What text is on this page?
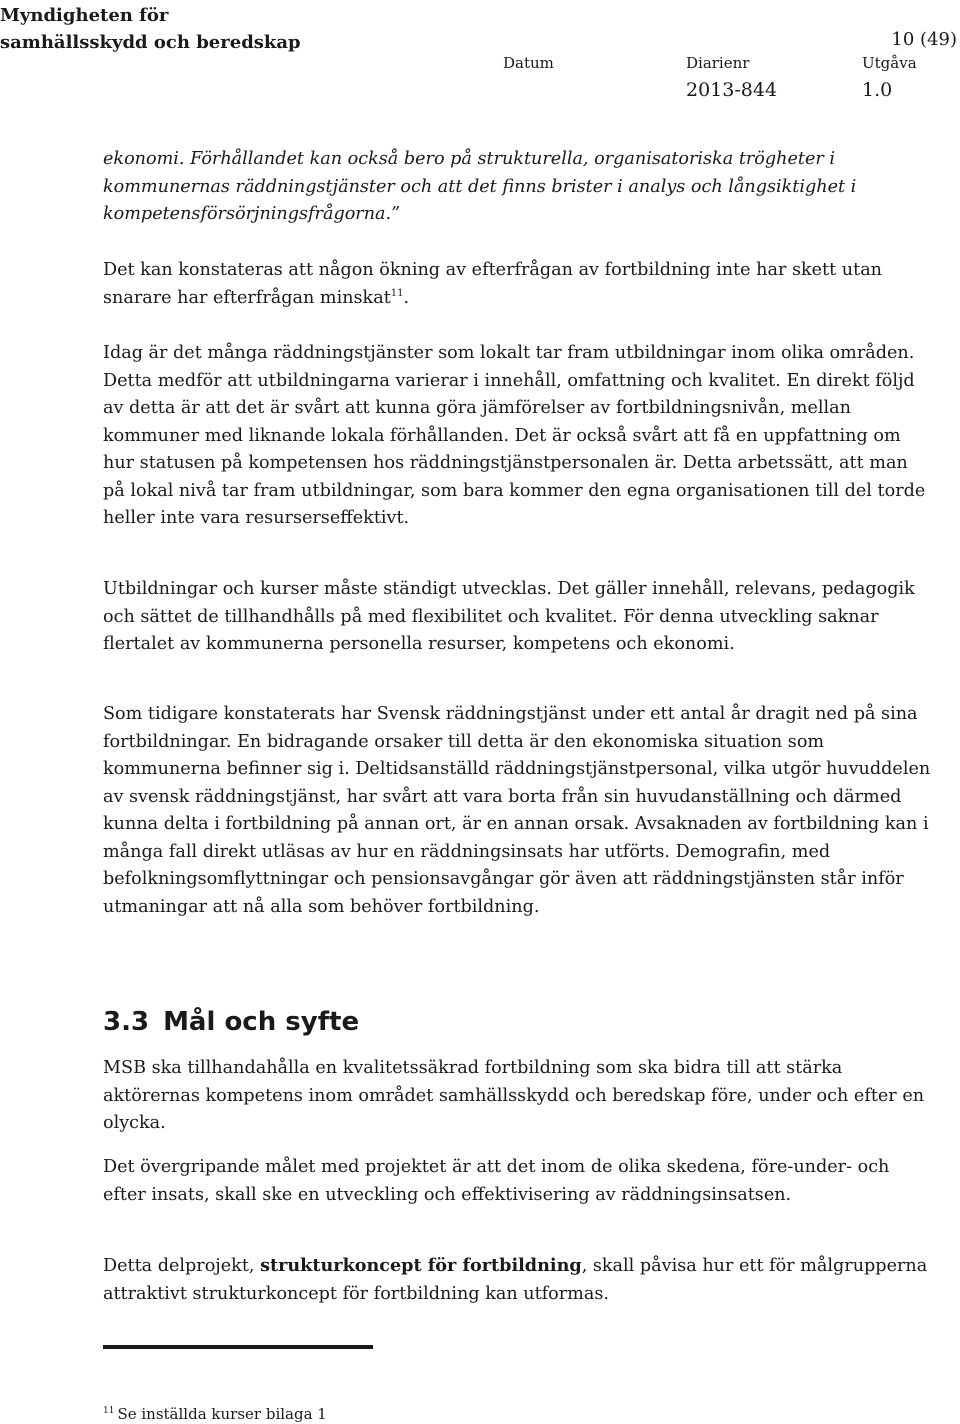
Myndigheten för
samhällsskydd och beredskap	10 (49)
Datum	Diarienr
2013-844
Utgåva
1.0

ekonomi. Förhållandet kan också bero på strukturella, organisatoriska trögheter i kommunernas räddningstjänster och att det finns brister i analys och långsiktighet i kompetensförsörjningsfrågorna.”

Det kan konstateras att någon ökning av efterfrågan av fortbildning inte har skett utan snarare har efterfrågan minskat$^{11}$.

Idag är det många räddningstjänster som lokalt tar fram utbildningar inom olika områden. Detta medför att utbildningarna varierar i innehåll, omfattning och kvalitet. En direkt följd av detta är att det är svårt att kunna göra jämförelser av fortbildningsnivån, mellan kommuner med liknande lokala förhållanden. Det är också svårt att få en uppfattning om hur statusen på kompetensen hos räddningstjänstpersonalen är. Detta arbetssätt, att man på lokal nivå tar fram utbildningar, som bara kommer den egna organisationen till del torde heller inte vara resurserseffektivt.

Utbildningar och kurser måste ständigt utvecklas. Det gäller innehåll, relevans, pedagogik och sättet de tillhandhålls på med flexibilitet och kvalitet. För denna utveckling saknar flertalet av kommunerna personella resurser, kompetens och ekonomi.

Som tidigare konstaterats har Svensk räddningstjänst under ett antal år dragit ned på sina fortbildningar. En bidragande orsaker till detta är den ekonomiska situation som kommunerna befinner sig i. Deltidsanställd räddningstjänstpersonal, vilka utgör huvuddelen av svensk räddningstjänst, har svårt att vara borta från sin huvudanställning och därmed kunna delta i fortbildning på annan ort, är en annan orsak. Avsaknaden av fortbildning kan i många fall direkt utläsas av hur en räddningsinsats har utförts. Demografin, med befolkningsomflyttningar och pensionsavgångar gör även att räddningstjänsten står inför utmaningar att nå alla som behöver fortbildning.

3.3 Mål och syfte

MSB ska tillhandahålla en kvalitetssäkrad fortbildning som ska bidra till att stärka aktörernas kompetens inom området samhällsskydd och beredskap före, under och efter en olycka.

Det övergripande målet med projektet är att det inom de olika skedena, före-under- och efter insats, skall ske en utveckling och effektivisering av räddningsinsatsen.

Detta delprojekt, strukturkoncept för fortbildning, skall påvisa hur ett för målgrupperna attraktivt strukturkoncept för fortbildning kan utformas.

$^{11}$ Se inställda kurser bilaga 1
